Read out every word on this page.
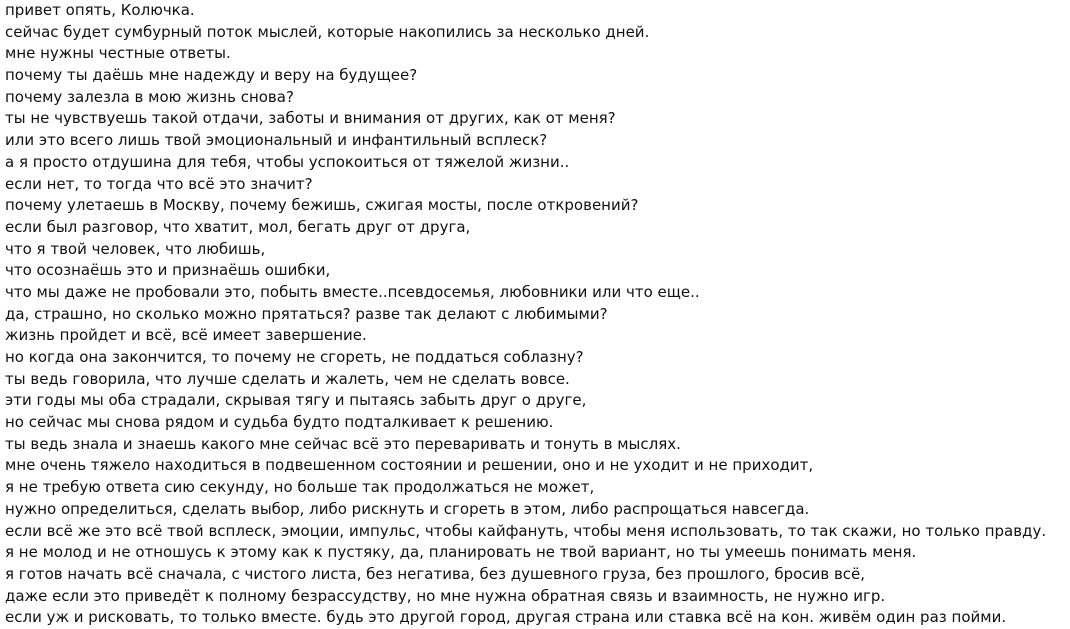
привет опять, Колючка.
сейчас будет сумбурный поток мыслей, которые накопились за несколько дней.
мне нужны честные ответы.
почему ты даёшь мне надежду и веру на будущее?
почему залезла в мою жизнь снова?
ты не чувствуешь такой отдачи, заботы и внимания от других, как от меня?
или это всего лишь твой эмоциональный и инфантильный всплеск?
а я просто отдушина для тебя, чтобы успокоиться от тяжелой жизни..
если нет, то тогда что всё это значит?
почему улетаешь в Москву, почему бежишь, сжигая мосты, после откровений?
если был разговор, что хватит, мол, бегать друг от друга,
что я твой человек, что любишь,
что осознаёшь это и признаёшь ошибки,
что мы даже не пробовали это, побыть вместе..псевдосемья, любовники или что еще..
да, страшно, но сколько можно прятаться? разве так делают с любимыми?
жизнь пройдет и всё, всё имеет завершение.
но когда она закончится, то почему не сгореть, не поддаться соблазну?
ты ведь говорила, что лучше сделать и жалеть, чем не сделать вовсе.
эти годы мы оба страдали, скрывая тягу и пытаясь забыть друг о друге,
но сейчас мы снова рядом и судьба будто подталкивает к решению.
ты ведь знала и знаешь какого мне сейчас всё это переваривать и тонуть в мыслях.
мне очень тяжело находиться в подвешенном состоянии и решении, оно и не уходит и не приходит,
я не требую ответа сию секунду, но больше так продолжаться не может,
нужно определиться, сделать выбор, либо рискнуть и сгореть в этом, либо распрощаться навсегда.
если всё же это всё твой всплеск, эмоции, импульс, чтобы кайфануть, чтобы меня использовать, то так скажи, но только правду.
я не молод и не отношусь к этому как к пустяку, да, планировать не твой вариант, но ты умеешь понимать меня.
я готов начать всё сначала, с чистого листа, без негатива, без душевного груза, без прошлого, бросив всё,
даже если это приведёт к полному безрассудству, но мне нужна обратная связь и взаимность, не нужно игр.
если уж и рисковать, то только вместе. будь это другой город, другая страна или ставка всё на кон. живём один раз пойми.
